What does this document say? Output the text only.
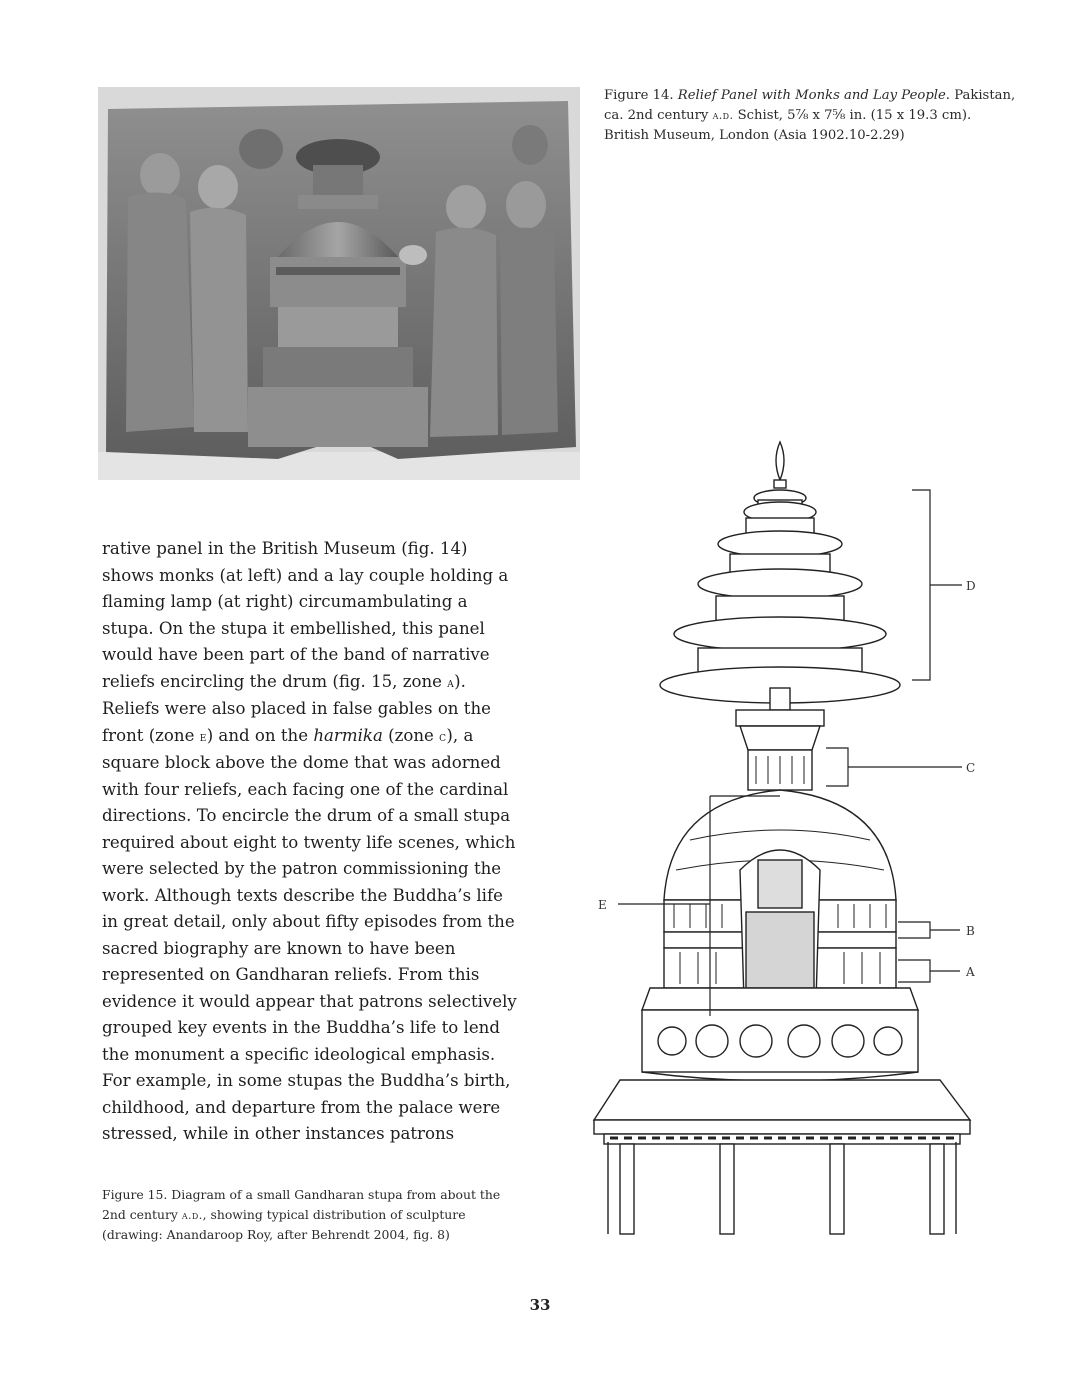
Figure 14. Relief Panel with Monks and Lay People. Pakistan,
ca. 2nd century a.d. Schist, 5⅞ x 7⅝ in. (15 x 19.3 cm).
British Museum, London (Asia 1902.10-2.29)

rative panel in the British Museum (fig. 14) shows monks (at left) and a lay couple holding a flaming lamp (at right) circumambulating a stupa. On the stupa it embellished, this panel would have been part of the band of narrative reliefs encircling the drum (fig. 15, zone a). Reliefs were also placed in false gables on the front (zone e) and on the harmika (zone c), a square block above the dome that was adorned with four reliefs, each facing one of the cardinal directions. To encircle the drum of a small stupa required about eight to twenty life scenes, which were selected by the patron commissioning the work. Although texts describe the Buddha’s life in great detail, only about fifty episodes from the sacred biography are known to have been represented on Gandharan reliefs. From this evidence it would appear that patrons selectively grouped key events in the Buddha’s life to lend the monument a specific ideological emphasis. For example, in some stupas the Buddha’s birth, childhood, and departure from the palace were stressed, while in other instances patrons

Figure 15. Diagram of a small Gandharan stupa from about the 2nd century a.d., showing typical distribution of sculpture (drawing: Anandaroop Roy, after Behrendt 2004, fig. 8)
D
C
E
B
A
33
